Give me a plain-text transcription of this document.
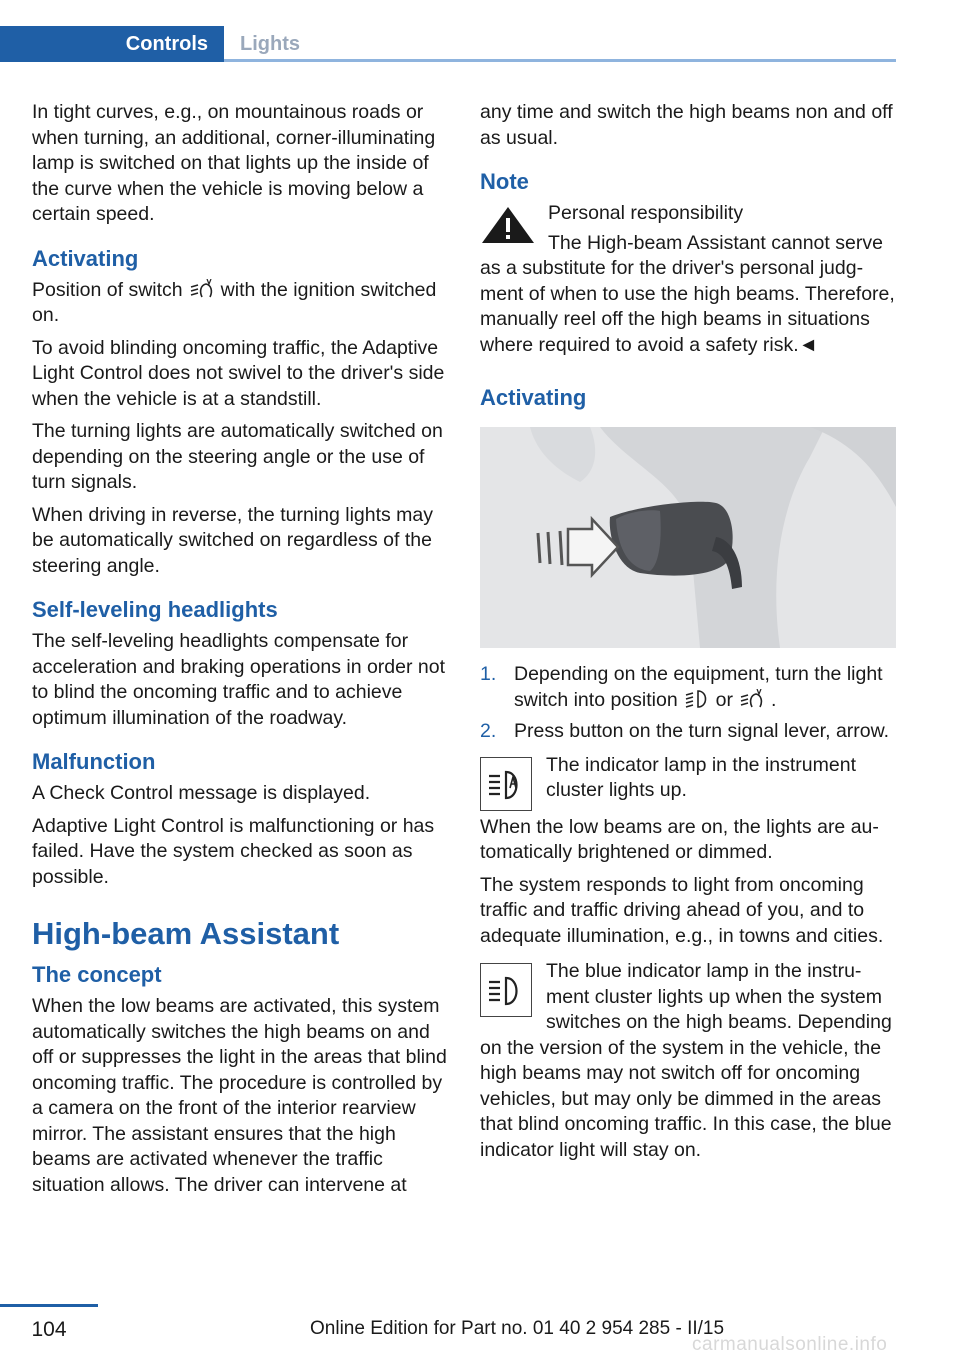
Controls	Lights

In tight curves, e.g., on mountainous roads or when turning, an additional, corner-illuminating lamp is switched on that lights up the inside of the curve when the vehicle is moving below a certain speed.

Activating

Position of switch with the ignition switched on.

To avoid blinding oncoming traffic, the Adaptive Light Control does not swivel to the driver's side when the vehicle is at a standstill.

The turning lights are automatically switched on depending on the steering angle or the use of turn signals.

When driving in reverse, the turning lights may be automatically switched on regardless of the steering angle.

Self-leveling headlights

The self-leveling headlights compensate for acceleration and braking operations in order not to blind the oncoming traffic and to achieve optimum illumination of the roadway.

Malfunction

A Check Control message is displayed.

Adaptive Light Control is malfunctioning or has failed. Have the system checked as soon as possible.

High-beam Assistant
The concept

When the low beams are activated, this system automatically switches the high beams on and off or suppresses the light in the areas that blind oncoming traffic. The procedure is controlled by a camera on the front of the interior rearview mirror. The assistant ensures that the high beams are activated whenever the traffic situation allows. The driver can intervene at

any time and switch the high beams non and off as usual.

Note

Personal responsibility

The High-beam Assistant cannot serve as a substitute for the driver's personal judgment of when to use the high beams. Therefore, manually reel off the high beams in situations where required to avoid a safety risk.◄

Activating
1. Depending on the equipment, turn the light switch into position or .
2. Press button on the turn signal lever, arrow.

The indicator lamp in the instrument cluster lights up.

When the low beams are on, the lights are automatically brightened or dimmed.

The system responds to light from oncoming traffic and traffic driving ahead of you, and to adequate illumination, e.g., in towns and cities.

The blue indicator lamp in the instrument cluster lights up when the system switches on the high beams. Depending on the version of the system in the vehicle, the high beams may not switch off for oncoming vehicles, but may only be dimmed in the areas that blind oncoming traffic. In this case, the blue indicator light will stay on.

104	Online Edition for Part no. 01 40 2 954 285 - II/15
carmanualsonline.info
